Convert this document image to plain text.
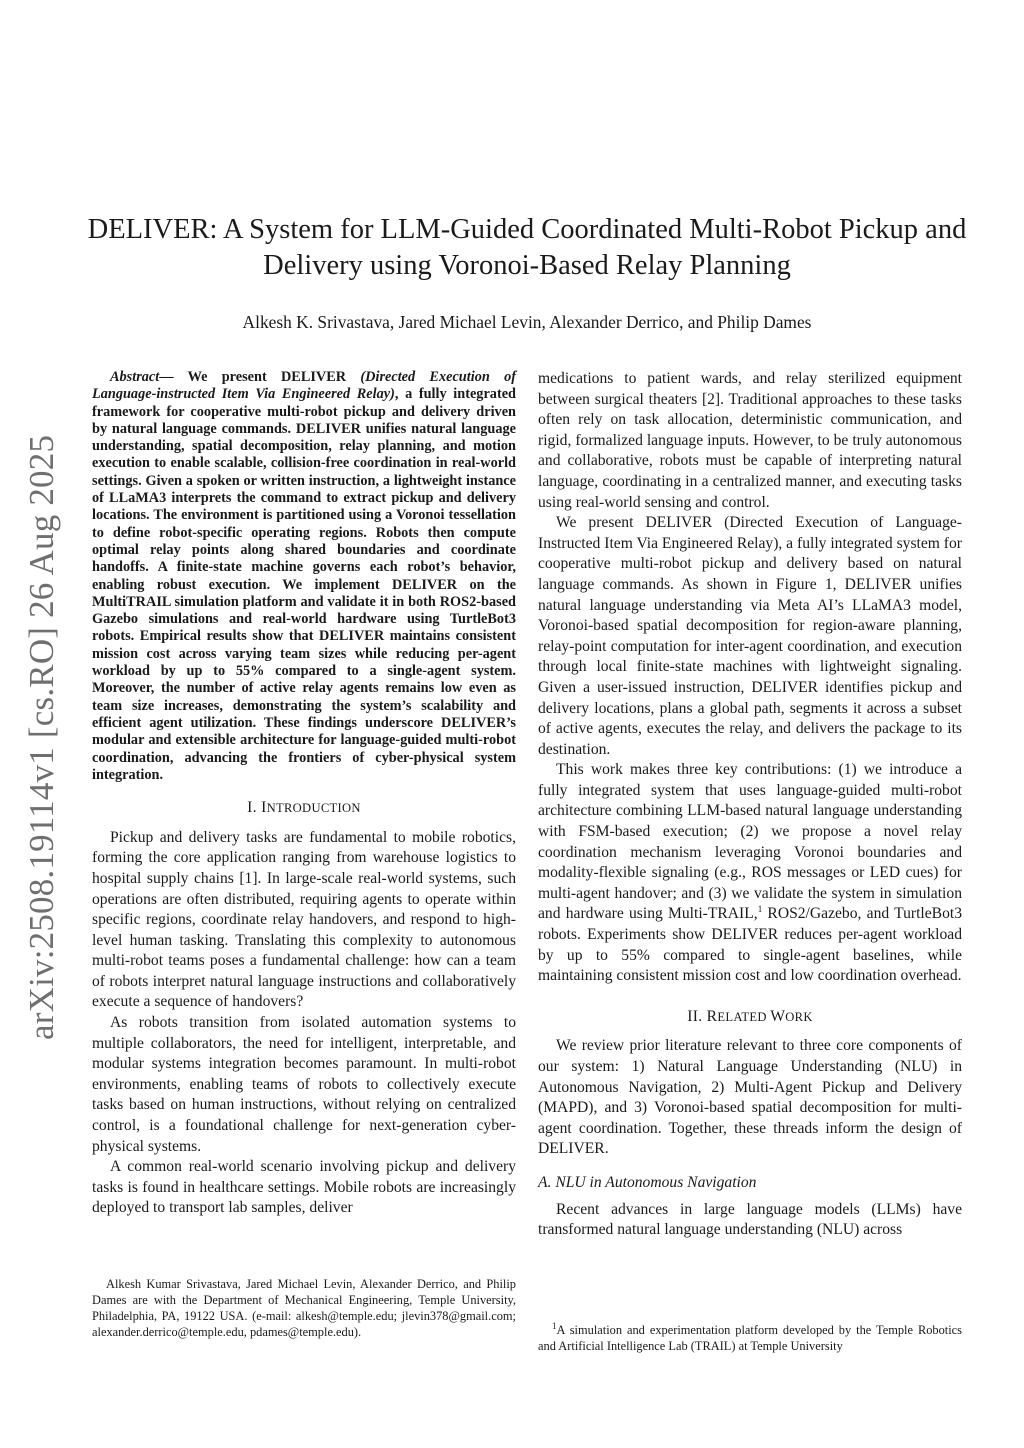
arXiv:2508.19114v1 [cs.RO] 26 Aug 2025
DELIVER: A System for LLM-Guided Coordinated Multi-Robot Pickup and
Delivery using Voronoi-Based Relay Planning
Alkesh K. Srivastava, Jared Michael Levin, Alexander Derrico, and Philip Dames

Abstract— We present DELIVER (Directed Execution of Language-instructed Item Via Engineered Relay), a fully integrated framework for cooperative multi-robot pickup and delivery driven by natural language commands. DELIVER unifies natural language understanding, spatial decomposition, relay planning, and motion execution to enable scalable, collision-free coordination in real-world settings. Given a spoken or written instruction, a lightweight instance of LLaMA3 interprets the command to extract pickup and delivery locations. The environment is partitioned using a Voronoi tessellation to define robot-specific operating regions. Robots then compute optimal relay points along shared boundaries and coordinate handoffs. A finite-state machine governs each robot’s behavior, enabling robust execution. We implement DELIVER on the MultiTRAIL simulation platform and validate it in both ROS2-based Gazebo simulations and real-world hardware using TurtleBot3 robots. Empirical results show that DELIVER maintains consistent mission cost across varying team sizes while reducing per-agent workload by up to 55% compared to a single-agent system. Moreover, the number of active relay agents remains low even as team size increases, demonstrating the system’s scalability and efficient agent utilization. These findings underscore DELIVER’s modular and extensible architecture for language-guided multi-robot coordination, advancing the frontiers of cyber-physical system integration.

I. INTRODUCTION

Pickup and delivery tasks are fundamental to mobile robotics, forming the core application ranging from warehouse logistics to hospital supply chains [1]. In large-scale real-world systems, such operations are often distributed, requiring agents to operate within specific regions, coordinate relay handovers, and respond to high-level human tasking. Translating this complexity to autonomous multi-robot teams poses a fundamental challenge: how can a team of robots interpret natural language instructions and collaboratively execute a sequence of handovers?

As robots transition from isolated automation systems to multiple collaborators, the need for intelligent, interpretable, and modular systems integration becomes paramount. In multi-robot environments, enabling teams of robots to collectively execute tasks based on human instructions, without relying on centralized control, is a foundational challenge for next-generation cyber-physical systems.

A common real-world scenario involving pickup and delivery tasks is found in healthcare settings. Mobile robots are increasingly deployed to transport lab samples, deliver

medications to patient wards, and relay sterilized equipment between surgical theaters [2]. Traditional approaches to these tasks often rely on task allocation, deterministic communication, and rigid, formalized language inputs. However, to be truly autonomous and collaborative, robots must be capable of interpreting natural language, coordinating in a centralized manner, and executing tasks using real-world sensing and control.

We present DELIVER (Directed Execution of Language-Instructed Item Via Engineered Relay), a fully integrated system for cooperative multi-robot pickup and delivery based on natural language commands. As shown in Figure 1, DELIVER unifies natural language understanding via Meta AI’s LLaMA3 model, Voronoi-based spatial decomposition for region-aware planning, relay-point computation for inter-agent coordination, and execution through local finite-state machines with lightweight signaling. Given a user-issued instruction, DELIVER identifies pickup and delivery locations, plans a global path, segments it across a subset of active agents, executes the relay, and delivers the package to its destination.

This work makes three key contributions: (1) we introduce a fully integrated system that uses language-guided multi-robot architecture combining LLM-based natural language understanding with FSM-based execution; (2) we propose a novel relay coordination mechanism leveraging Voronoi boundaries and modality-flexible signaling (e.g., ROS messages or LED cues) for multi-agent handover; and (3) we validate the system in simulation and hardware using Multi-TRAIL,$^1$ ROS2/Gazebo, and TurtleBot3 robots. Experiments show DELIVER reduces per-agent workload by up to 55% compared to single-agent baselines, while maintaining consistent mission cost and low coordination overhead.

II. RELATED WORK

We review prior literature relevant to three core components of our system: 1) Natural Language Understanding (NLU) in Autonomous Navigation, 2) Multi-Agent Pickup and Delivery (MAPD), and 3) Voronoi-based spatial decomposition for multi-agent coordination. Together, these threads inform the design of DELIVER.

A. NLU in Autonomous Navigation

Recent advances in large language models (LLMs) have transformed natural language understanding (NLU) across

Alkesh Kumar Srivastava, Jared Michael Levin, Alexander Derrico, and Philip Dames are with the Department of Mechanical Engineering, Temple University, Philadelphia, PA, 19122 USA. (e-mail: alkesh@temple.edu; jlevin378@gmail.com; alexander.derrico@temple.edu, pdames@temple.edu).	$^1$A simulation and experimentation platform developed by the Temple Robotics and Artificial Intelligence Lab (TRAIL) at Temple University
